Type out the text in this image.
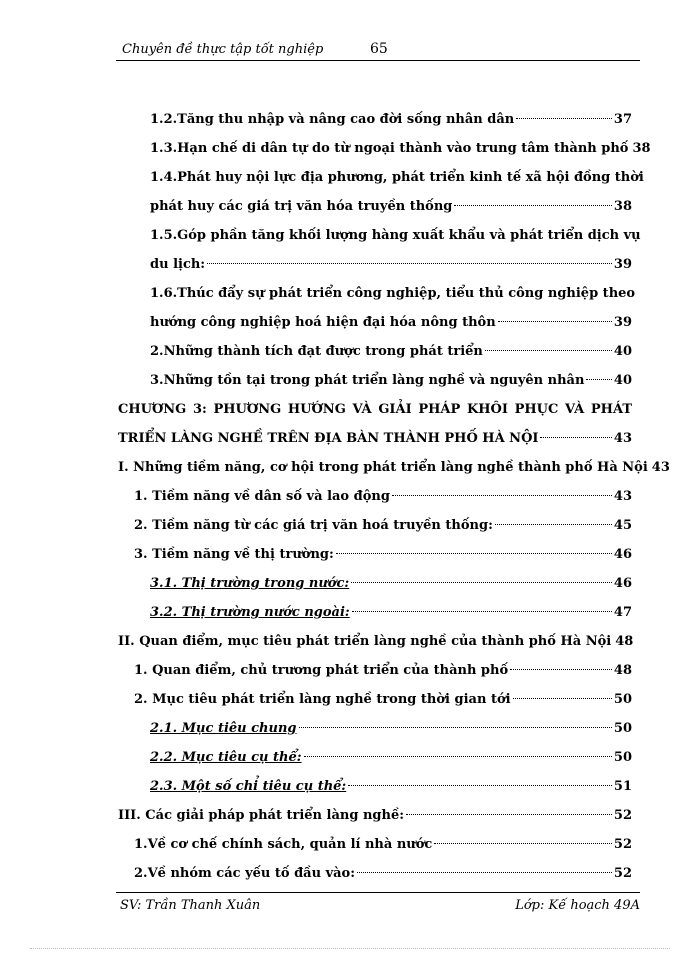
Chuyên đề thực tập tốt nghiệp	65
1.2.Tăng thu nhập và nâng cao đời sống nhân dân	37
1.3.Hạn chế di dân tự do từ ngoại thành vào trung tâm thành phố 38
1.4.Phát huy nội lực địa phương, phát triển kinh tế xã hội đồng thời
phát huy các giá trị văn hóa truyền thống	38
1.5.Góp phần tăng khối lượng hàng xuất khẩu và phát triển dịch vụ
du lịch:	39
1.6.Thúc đẩy sự phát triển công nghiệp, tiểu thủ công nghiệp theo
hướng công nghiệp hoá hiện đại hóa nông thôn	39
2.Những thành tích đạt được trong phát triển	40
3.Những tồn tại trong phát triển làng nghề và nguyên nhân 40
CHƯƠNG 3: PHƯƠNG HƯỚNG VÀ GIẢI PHÁP KHÔI PHỤC VÀ PHÁT
TRIỂN LÀNG NGHỀ TRÊN ĐỊA BÀN THÀNH PHỐ HÀ NỘI	43
I. Những tiềm năng, cơ hội trong phát triển làng nghề thành phố Hà Nội 43
1. Tiềm năng về dân số và lao động	43
2. Tiềm năng từ các giá trị văn hoá truyền thống:	45
3. Tiềm năng về thị trường:	46
3.1. Thị trường trong nước:	46
3.2. Thị trường nước ngoài:	47
II. Quan điểm, mục tiêu phát triển làng nghề của thành phố Hà Nội 48
1. Quan điểm, chủ trương phát triển của thành phố	48
2. Mục tiêu phát triển làng nghề trong thời gian tới	50
2.1. Mục tiêu chung	50
2.2. Mục tiêu cụ thể:	50
2.3. Một số chỉ tiêu cụ thể:	51
III. Các giải pháp phát triển làng nghề:	52
1.Về cơ chế chính sách, quản lí nhà nước	52
2.Về nhóm các yếu tố đầu vào:	52
SV: Trần Thanh Xuân	Lớp: Kế hoạch 49A
